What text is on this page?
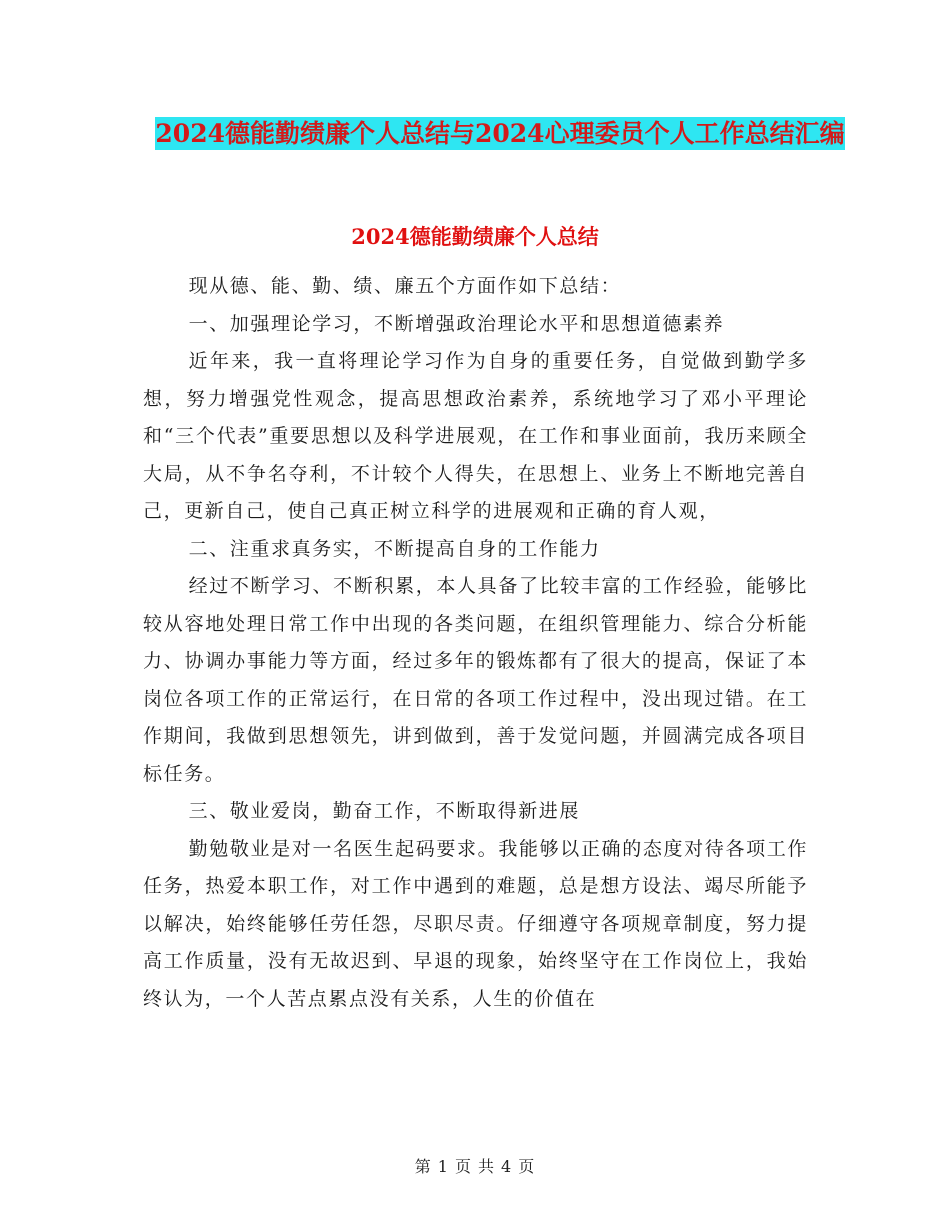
2024德能勤绩廉个人总结与2024心理委员个人工作总结汇编
2024德能勤绩廉个人总结

现从德、能、勤、绩、廉五个方面作如下总结：

一、加强理论学习，不断增强政治理论水平和思想道德素养

近年来，我一直将理论学习作为自身的重要任务，自觉做到勤学多想，努力增强党性观念，提高思想政治素养，系统地学习了邓小平理论和“三个代表”重要思想以及科学进展观，在工作和事业面前，我历来顾全大局，从不争名夺利，不计较个人得失，在思想上、业务上不断地完善自己，更新自己，使自己真正树立科学的进展观和正确的育人观，

二、注重求真务实，不断提高自身的工作能力

经过不断学习、不断积累，本人具备了比较丰富的工作经验，能够比较从容地处理日常工作中出现的各类问题，在组织管理能力、综合分析能力、协调办事能力等方面，经过多年的锻炼都有了很大的提高，保证了本岗位各项工作的正常运行，在日常的各项工作过程中，没出现过错。在工作期间，我做到思想领先，讲到做到，善于发觉问题，并圆满完成各项目标任务。

三、敬业爱岗，勤奋工作，不断取得新进展

勤勉敬业是对一名医生起码要求。我能够以正确的态度对待各项工作任务，热爱本职工作，对工作中遇到的难题，总是想方设法、竭尽所能予以解决，始终能够任劳任怨，尽职尽责。仔细遵守各项规章制度，努力提高工作质量，没有无故迟到、早退的现象，始终坚守在工作岗位上，我始终认为，一个人苦点累点没有关系，人生的价值在

第 1 页 共 4 页
